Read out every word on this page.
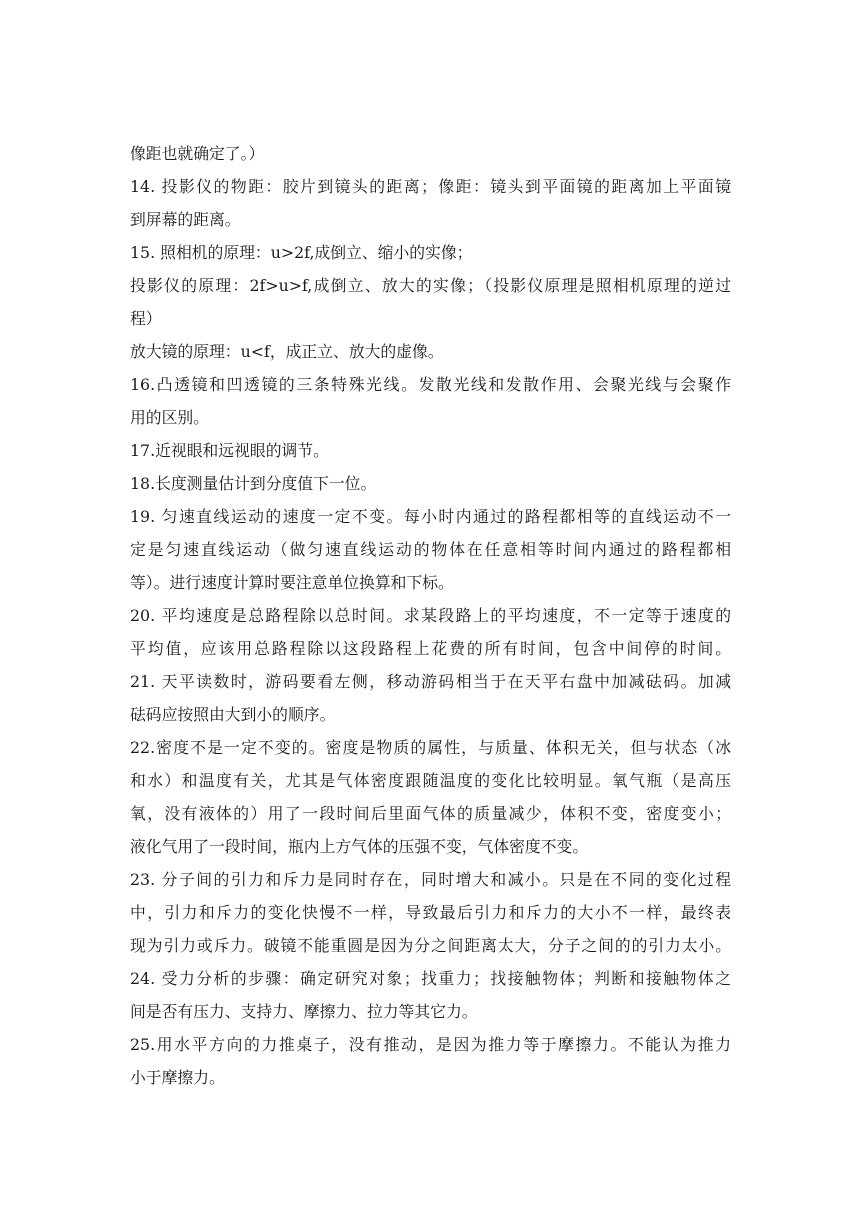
像距也就确定了。）
14. 投影仪的物距：胶片到镜头的距离；像距：镜头到平面镜的距离加上平面镜
到屏幕的距离。
15. 照相机的原理：u>2f,成倒立、缩小的实像；
投影仪的原理：2f>u>f,成倒立、放大的实像；（投影仪原理是照相机原理的逆过
程）
放大镜的原理：u<f，成正立、放大的虚像。
16.凸透镜和凹透镜的三条特殊光线。发散光线和发散作用、会聚光线与会聚作
用的区别。
17.近视眼和远视眼的调节。
18.长度测量估计到分度值下一位。
19. 匀速直线运动的速度一定不变。每小时内通过的路程都相等的直线运动不一
定是匀速直线运动（做匀速直线运动的物体在任意相等时间内通过的路程都相
等）。进行速度计算时要注意单位换算和下标。
20. 平均速度是总路程除以总时间。求某段路上的平均速度，不一定等于速度的
平均值，应该用总路程除以这段路程上花费的所有时间，包含中间停的时间。
21. 天平读数时，游码要看左侧，移动游码相当于在天平右盘中加减砝码。加减
砝码应按照由大到小的顺序。
22.密度不是一定不变的。密度是物质的属性，与质量、体积无关，但与状态（冰
和水）和温度有关，尤其是气体密度跟随温度的变化比较明显。氧气瓶（是高压
氧，没有液体的）用了一段时间后里面气体的质量减少，体积不变，密度变小；
液化气用了一段时间，瓶内上方气体的压强不变，气体密度不变。
23. 分子间的引力和斥力是同时存在，同时增大和减小。只是在不同的变化过程
中，引力和斥力的变化快慢不一样，导致最后引力和斥力的大小不一样，最终表
现为引力或斥力。破镜不能重圆是因为分之间距离太大，分子之间的的引力太小。
24. 受力分析的步骤：确定研究对象；找重力；找接触物体；判断和接触物体之
间是否有压力、支持力、摩擦力、拉力等其它力。
25.用水平方向的力推桌子，没有推动，是因为推力等于摩擦力。不能认为推力
小于摩擦力。
